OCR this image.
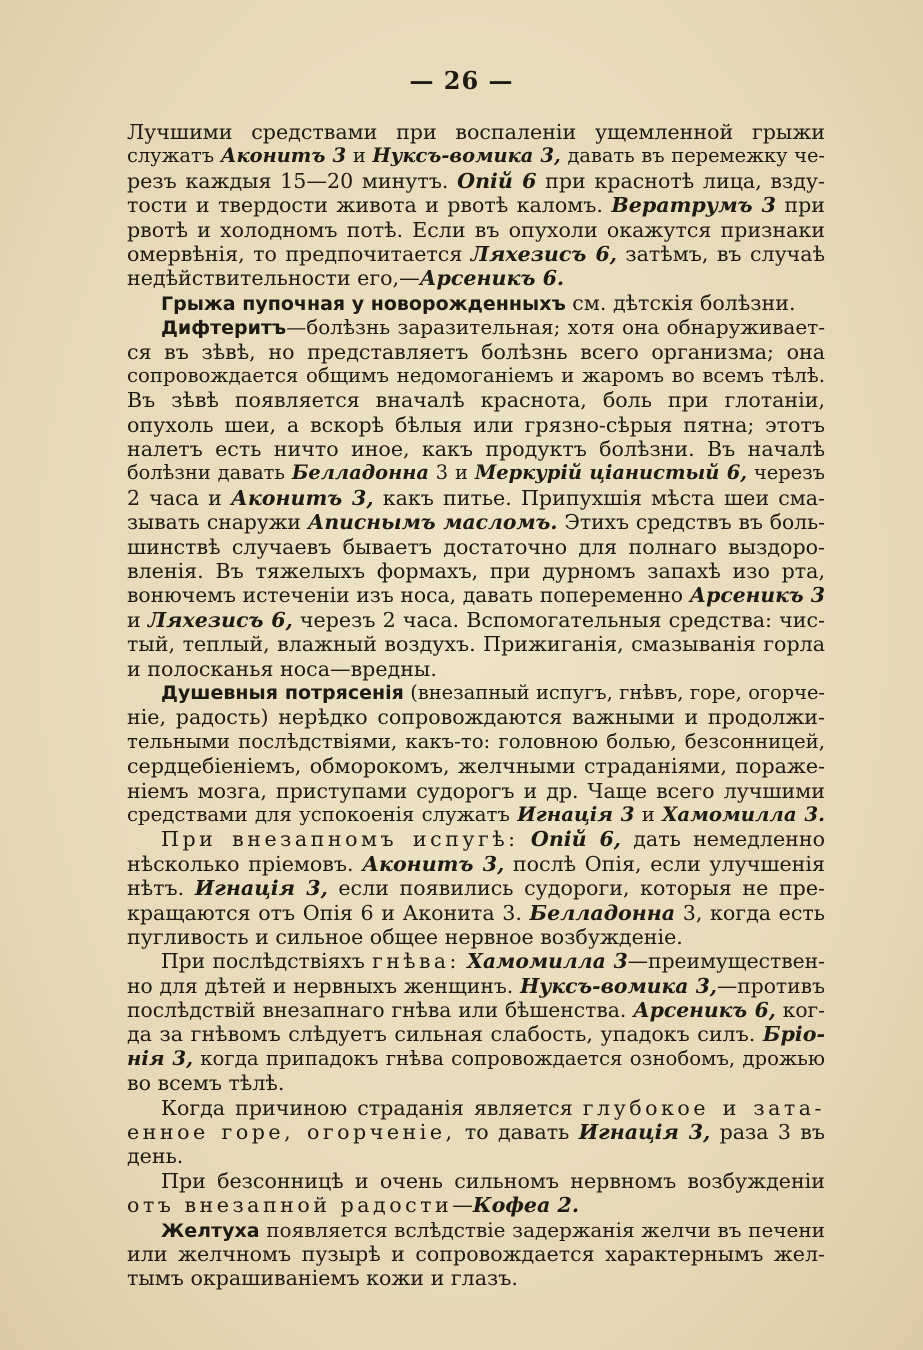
— 26 —
Лучшими средствами при воспаленіи ущемленной грыжи
служатъ Аконитъ 3 и Нуксъ-вомика 3, давать въ перемежку че-
резъ каждыя 15—20 минутъ. Опій 6 при краснотѣ лица, взду-
тости и твердости живота и рвотѣ каломъ. Вератрумъ 3 при
рвотѣ и холодномъ потѣ. Если въ опухоли окажутся признаки
омервѣнія, то предпочитается Ляхезисъ 6, затѣмъ, въ случаѣ
недѣйствительности его,—Арсеникъ 6.
Грыжа пупочная у новорожденныхъ см. дѣтскія болѣзни.
Дифтеритъ—болѣзнь заразительная; хотя она обнаруживает-
ся въ зѣвѣ, но представляетъ болѣзнь всего организма; она
сопровождается общимъ недомоганіемъ и жаромъ во всемъ тѣлѣ.
Въ зѣвѣ появляется вначалѣ краснота, боль при глотаніи,
опухоль шеи, а вскорѣ бѣлыя или грязно-сѣрыя пятна; этотъ
налетъ есть ничто иное, какъ продуктъ болѣзни. Въ началѣ
болѣзни давать Белладонна 3 и Меркурій ціанистый 6, черезъ
2 часа и Аконитъ 3, какъ питье. Припухшія мѣста шеи смa-
зывать снаружи Аписнымъ масломъ. Этихъ средствъ въ боль-
шинствѣ случаевъ бываетъ достаточно для полнаго выздоро-
вленія. Въ тяжелыхъ формахъ, при дурномъ запахѣ изо рта,
вонючемъ истеченіи изъ носа, давать попеременно Арсеникъ 3
и Ляхезисъ 6, черезъ 2 часа. Вспомогательныя средства: чис-
тый, теплый, влажный воздухъ. Прижиганія, смазыванія горла
и полосканья носа—вредны.
Душевныя потрясенія (внезапный испугъ, гнѣвъ, горе, огорче-
ніе, радость) нерѣдко сопровождаются важными и продолжи-
тельными послѣдствіями, какъ-то: головною болью, безсонницей,
сердцебіеніемъ, обморокомъ, желчными страданіями, пораже-
ніемъ мозга, приступами судорогъ и др. Чаще всего лучшими
средствами для успокоенія служатъ Игнація 3 и Хамомилла 3.
При внезапномъ испугѣ: Опій 6, дать немедленно
нѣсколько пріемовъ. Аконитъ 3, послѣ Опія, если улучшенія
нѣтъ. Игнація 3, если появились судороги, которыя не пре-
кращаются отъ Опія 6 и Аконита 3. Белладонна 3, когда есть
пугливость и сильное общее нервное возбужденіе.
При послѣдствіяхъ гнѣва: Хамомилла 3—преимуществен-
но для дѣтей и нервныхъ женщинъ. Нуксъ-вомика 3,—противъ
послѣдствій внезапнаго гнѣва или бѣшенства. Арсеникъ 6, ког-
да за гнѣвомъ слѣдуетъ сильная слабость, упадокъ силъ. Бріо-
нія 3, когда припадокъ гнѣва сопровождается ознобомъ, дрожью
во всемъ тѣлѣ.
Когда причиною страданія является глубокое и зата-
енное горе, огорченіе, то давать Игнація 3, раза 3 въ
день.
При безсонницѣ и очень сильномъ нервномъ возбужденіи
отъ внезапной радости—Кофеа 2.
Желтуха появляется вслѣдствіе задержанія желчи въ печени
или желчномъ пузырѣ и сопровождается характернымъ жел-
тымъ окрашиваніемъ кожи и глазъ.
